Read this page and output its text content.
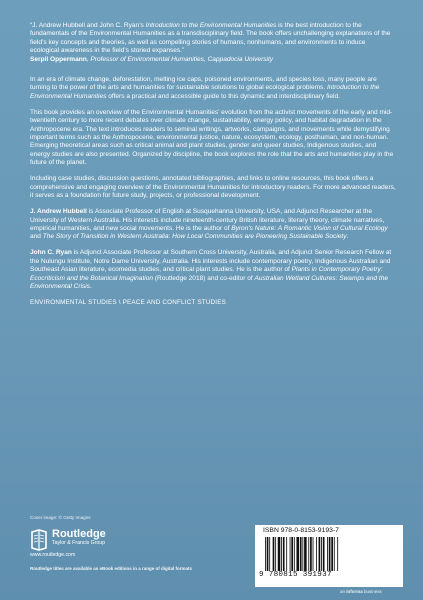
“J. Andrew Hubbell and John C. Ryan’s Introduction to the Environmental Humanities is the best introduction to the fundamentals of the Environmental Humanities as a transdisciplinary field. The book offers unchallenging explanations of the field’s key concepts and theories, as well as compelling stories of humans, nonhumans, and environments to induce ecological awareness in the field’s storied expanses.”
Serpil Oppermann, Professor of Environmental Humanities, Cappadocia University

In an era of climate change, deforestation, melting ice caps, poisoned environments, and species loss, many people are turning to the power of the arts and humanities for sustainable solutions to global ecological problems. Introduction to the Environmental Humanities offers a practical and accessible guide to this dynamic and interdisciplinary field.

This book provides an overview of the Environmental Humanities’ evolution from the activist movements of the early and mid-twentieth century to more recent debates over climate change, sustainability, energy policy, and habitat degradation in the Anthropocene era. The text introduces readers to seminal writings, artworks, campaigns, and movements while demystifying important terms such as the Anthropocene, environmental justice, nature, ecosystem, ecology, posthuman, and non-human. Emerging theoretical areas such as critical animal and plant studies, gender and queer studies, Indigenous studies, and energy studies are also presented. Organized by discipline, the book explores the role that the arts and humanities play in the future of the planet.

Including case studies, discussion questions, annotated bibliographies, and links to online resources, this book offers a comprehensive and engaging overview of the Environmental Humanities for introductory readers. For more advanced readers, it serves as a foundation for future study, projects, or professional development.

J. Andrew Hubbell is Associate Professor of English at Susquehanna University, USA, and Adjunct Researcher at the University of Western Australia. His interests include nineteenth-century British literature, literary theory, climate narratives, empirical humanities, and new social movements. He is the author of Byron’s Nature: A Romantic Vision of Cultural Ecology and The Story of Transition in Western Australia: How Local Communities are Pioneering Sustainable Society.

John C. Ryan is Adjunct Associate Professor at Southern Cross University, Australia, and Adjunct Senior Research Fellow at the Nulungu Institute, Notre Dame University, Australia. His interests include contemporary poetry, Indigenous Australian and Southeast Asian literature, ecomedia studies, and critical plant studies. He is the author of Plants in Contemporary Poetry: Ecocriticism and the Botanical Imagination (Routledge 2018) and co-editor of Australian Wetland Cultures: Swamps and the Environmental Crisis.

ENVIRONMENTAL STUDIES \ PEACE AND CONFLICT STUDIES
Cover image: © Getty Images
Routledge
Taylor & Francis Group
www.routledge.com
Routledge titles are available as eBook editions in a range of digital formats
ISBN 978-0-8153-9193-7
9 780815 391937
an informa business
